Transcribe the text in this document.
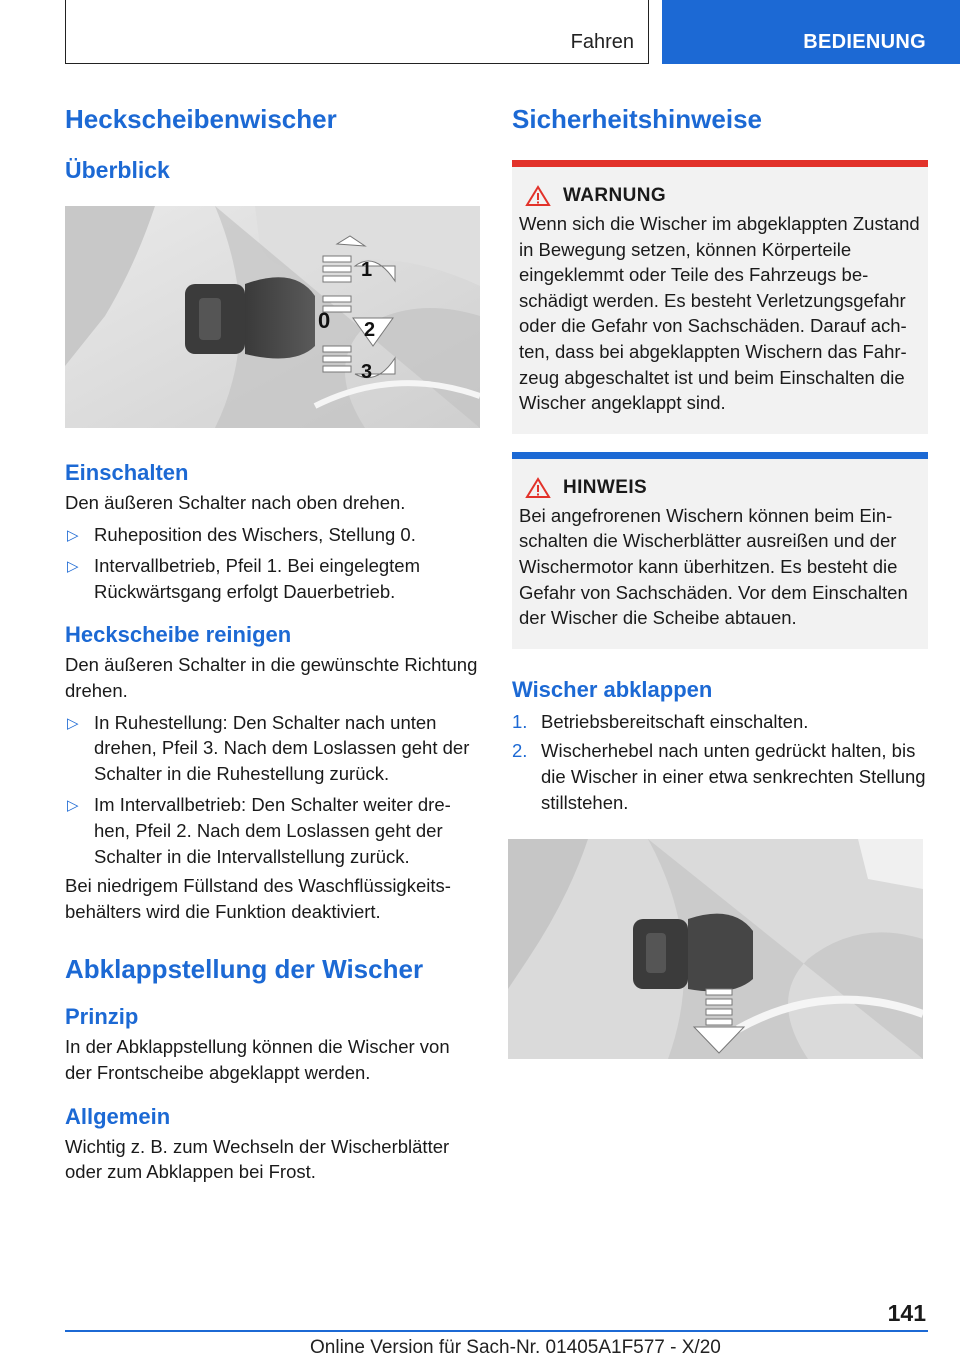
Fahren	BEDIENUNG
Heckscheibenwischer
Überblick
1
0 2
3
Einschalten

Den äußeren Schalter nach oben drehen.

▷ Ruheposition des Wischers, Stellung 0.
▷ Intervallbetrieb, Pfeil 1. Bei eingelegtem Rückwärtsgang erfolgt Dauerbetrieb.
Heckscheibe reinigen

Den äußeren Schalter in die gewünschte Richtung drehen.

▷ In Ruhestellung: Den Schalter nach unten drehen, Pfeil 3. Nach dem Loslassen geht der Schalter in die Ruhestellung zurück.
▷ Im Intervallbetrieb: Den Schalter weiter drehen, Pfeil 2. Nach dem Loslassen geht der Schalter in die Intervallstellung zurück.

Bei niedrigem Füllstand des Waschflüssigkeitsbehälters wird die Funktion deaktiviert.

Abklappstellung der Wischer
Prinzip

In der Abklappstellung können die Wischer von der Frontscheibe abgeklappt werden.

Allgemein

Wichtig z. B. zum Wechseln der Wischerblätter oder zum Abklappen bei Frost.

Sicherheitshinweise
WARNUNG

Wenn sich die Wischer im abgeklappten Zustand in Bewegung setzen, können Körperteile eingeklemmt oder Teile des Fahrzeugs beschädigt werden. Es besteht Verletzungsgefahr oder die Gefahr von Sachschäden. Darauf achten, dass bei abgeklappten Wischern das Fahrzeug abgeschaltet ist und beim Einschalten die Wischer angeklappt sind.

HINWEIS

Bei angefrorenen Wischern können beim Einschalten die Wischerblätter ausreißen und der Wischermotor kann überhitzen. Es besteht die Gefahr von Sachschäden. Vor dem Einschalten der Wischer die Scheibe abtauen.

Wischer abklappen
1. Betriebsbereitschaft einschalten.
2. Wischerhebel nach unten gedrückt halten, bis die Wischer in einer etwa senkrechten Stellung stillstehen.
141
Online Version für Sach-Nr. 01405A1F577 - X/20
